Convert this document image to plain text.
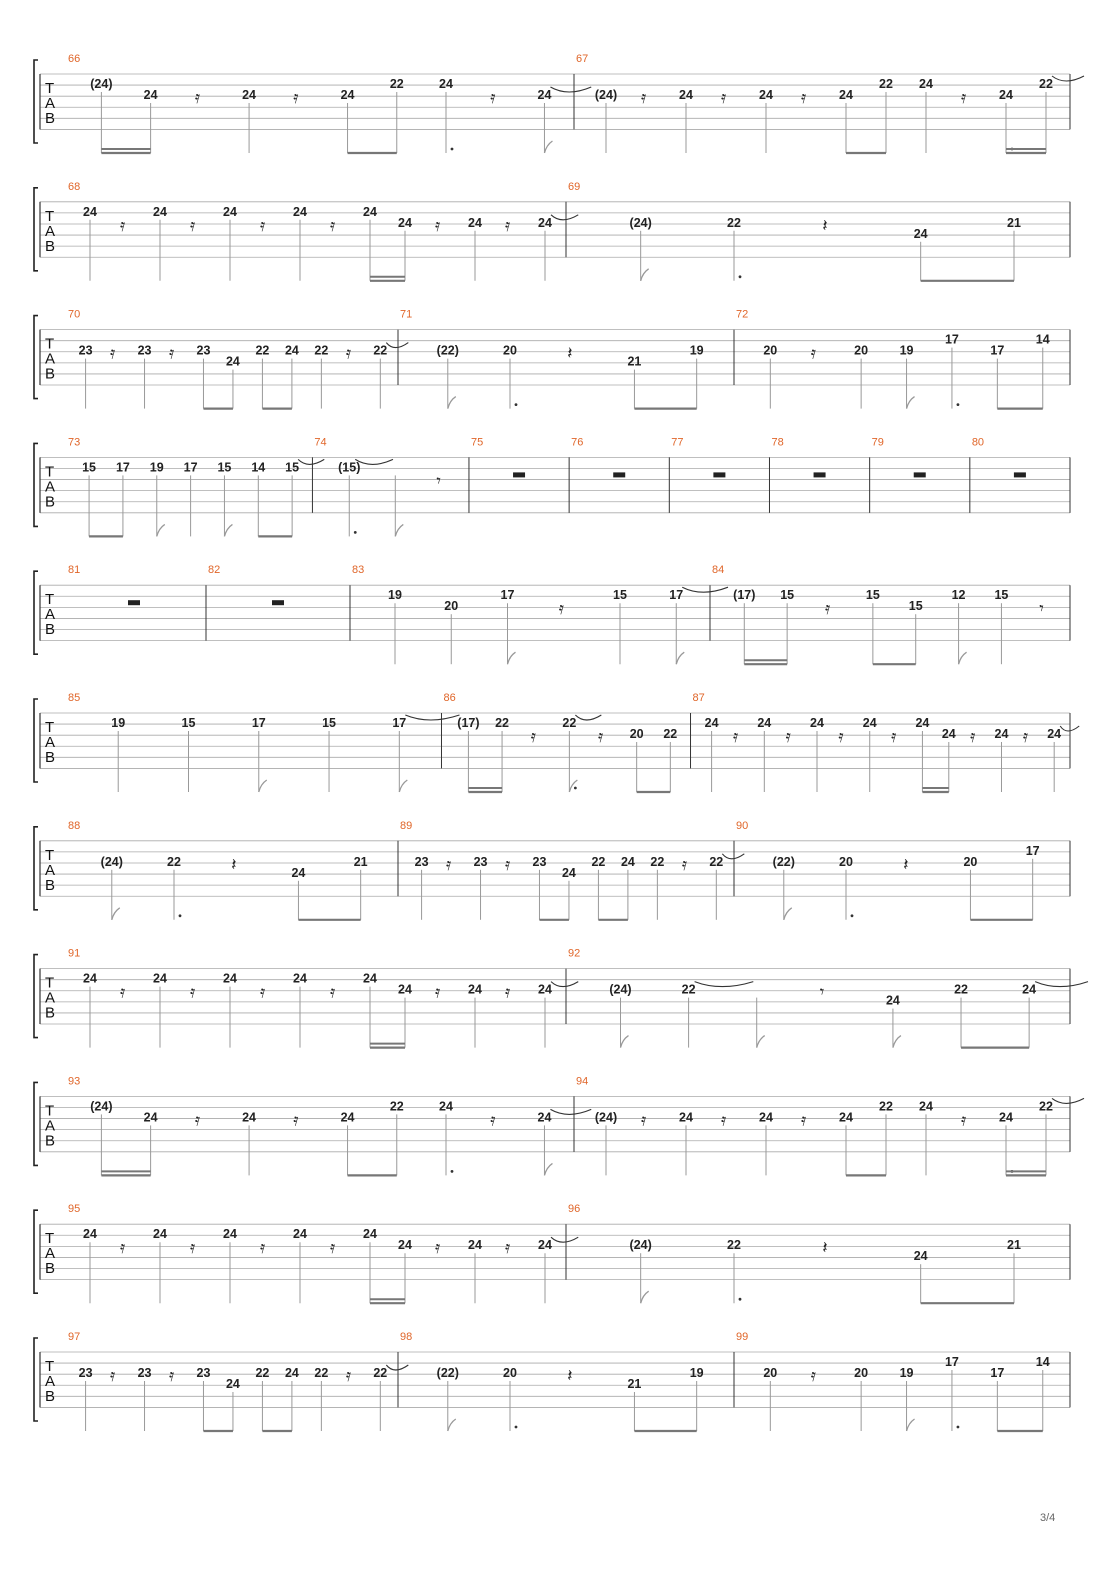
T
A
B
66
(24)
24 𝄿	24 𝄿	24
22	24
𝄿	24
67
(24) 𝄿	24 𝄿	24 𝄿	24
22 24
𝄿	24
22
T
A
B
68
24
𝄿
24
𝄿
24
𝄿
24
𝄿
24
24 𝄿 24 𝄿 24
69
(24)	22	𝄽	24
21
T
A
B
70
23 𝄿 23 𝄿 23
24
22 24 22 𝄿 22
71
(22)	20	𝄽	21
19
72
20 𝄿	20	19
17
17
14
T
A
B
73
15 17 19 17 15 14 15
74
(15)
𝄾
75	76	77	78	79	80
T
A
B
81	82	83
19
20
17
𝄿
15	17
84
(17) 15
𝄿
15
15
12 15
𝄾
T
A
B
85
19	15	17	15	17
86
(17) 22
𝄿
22
𝄿 20 22
87
24
𝄿
24
𝄿
24
𝄿
24
𝄿
24
24 𝄿 24 𝄿 24
T
A
B
88
(24)	22	𝄽	24
21
89
23 𝄿 23 𝄿 23
24
22 24 22 𝄿 22
90
(22)	20	𝄽	20
17
T
A
B
91
24
𝄿
24
𝄿
24
𝄿
24
𝄿
24
24 𝄿 24 𝄿 24
92
(24)	22	𝄾	24
22	24
T
A
B
93
(24)
24 𝄿	24 𝄿	24
22	24
𝄿	24
94
(24) 𝄿	24 𝄿	24 𝄿	24
22 24
𝄿	24
22
T
A
B
95
24
𝄿
24
𝄿
24
𝄿
24
𝄿
24
24 𝄿 24 𝄿 24
96
(24)	22	𝄽	24
21
T
A
B
97
23 𝄿 23 𝄿 23
24
22 24 22 𝄿 22
98
(22)	20	𝄽	21
19
99
20 𝄿	20	19
17
17
14
3/4
